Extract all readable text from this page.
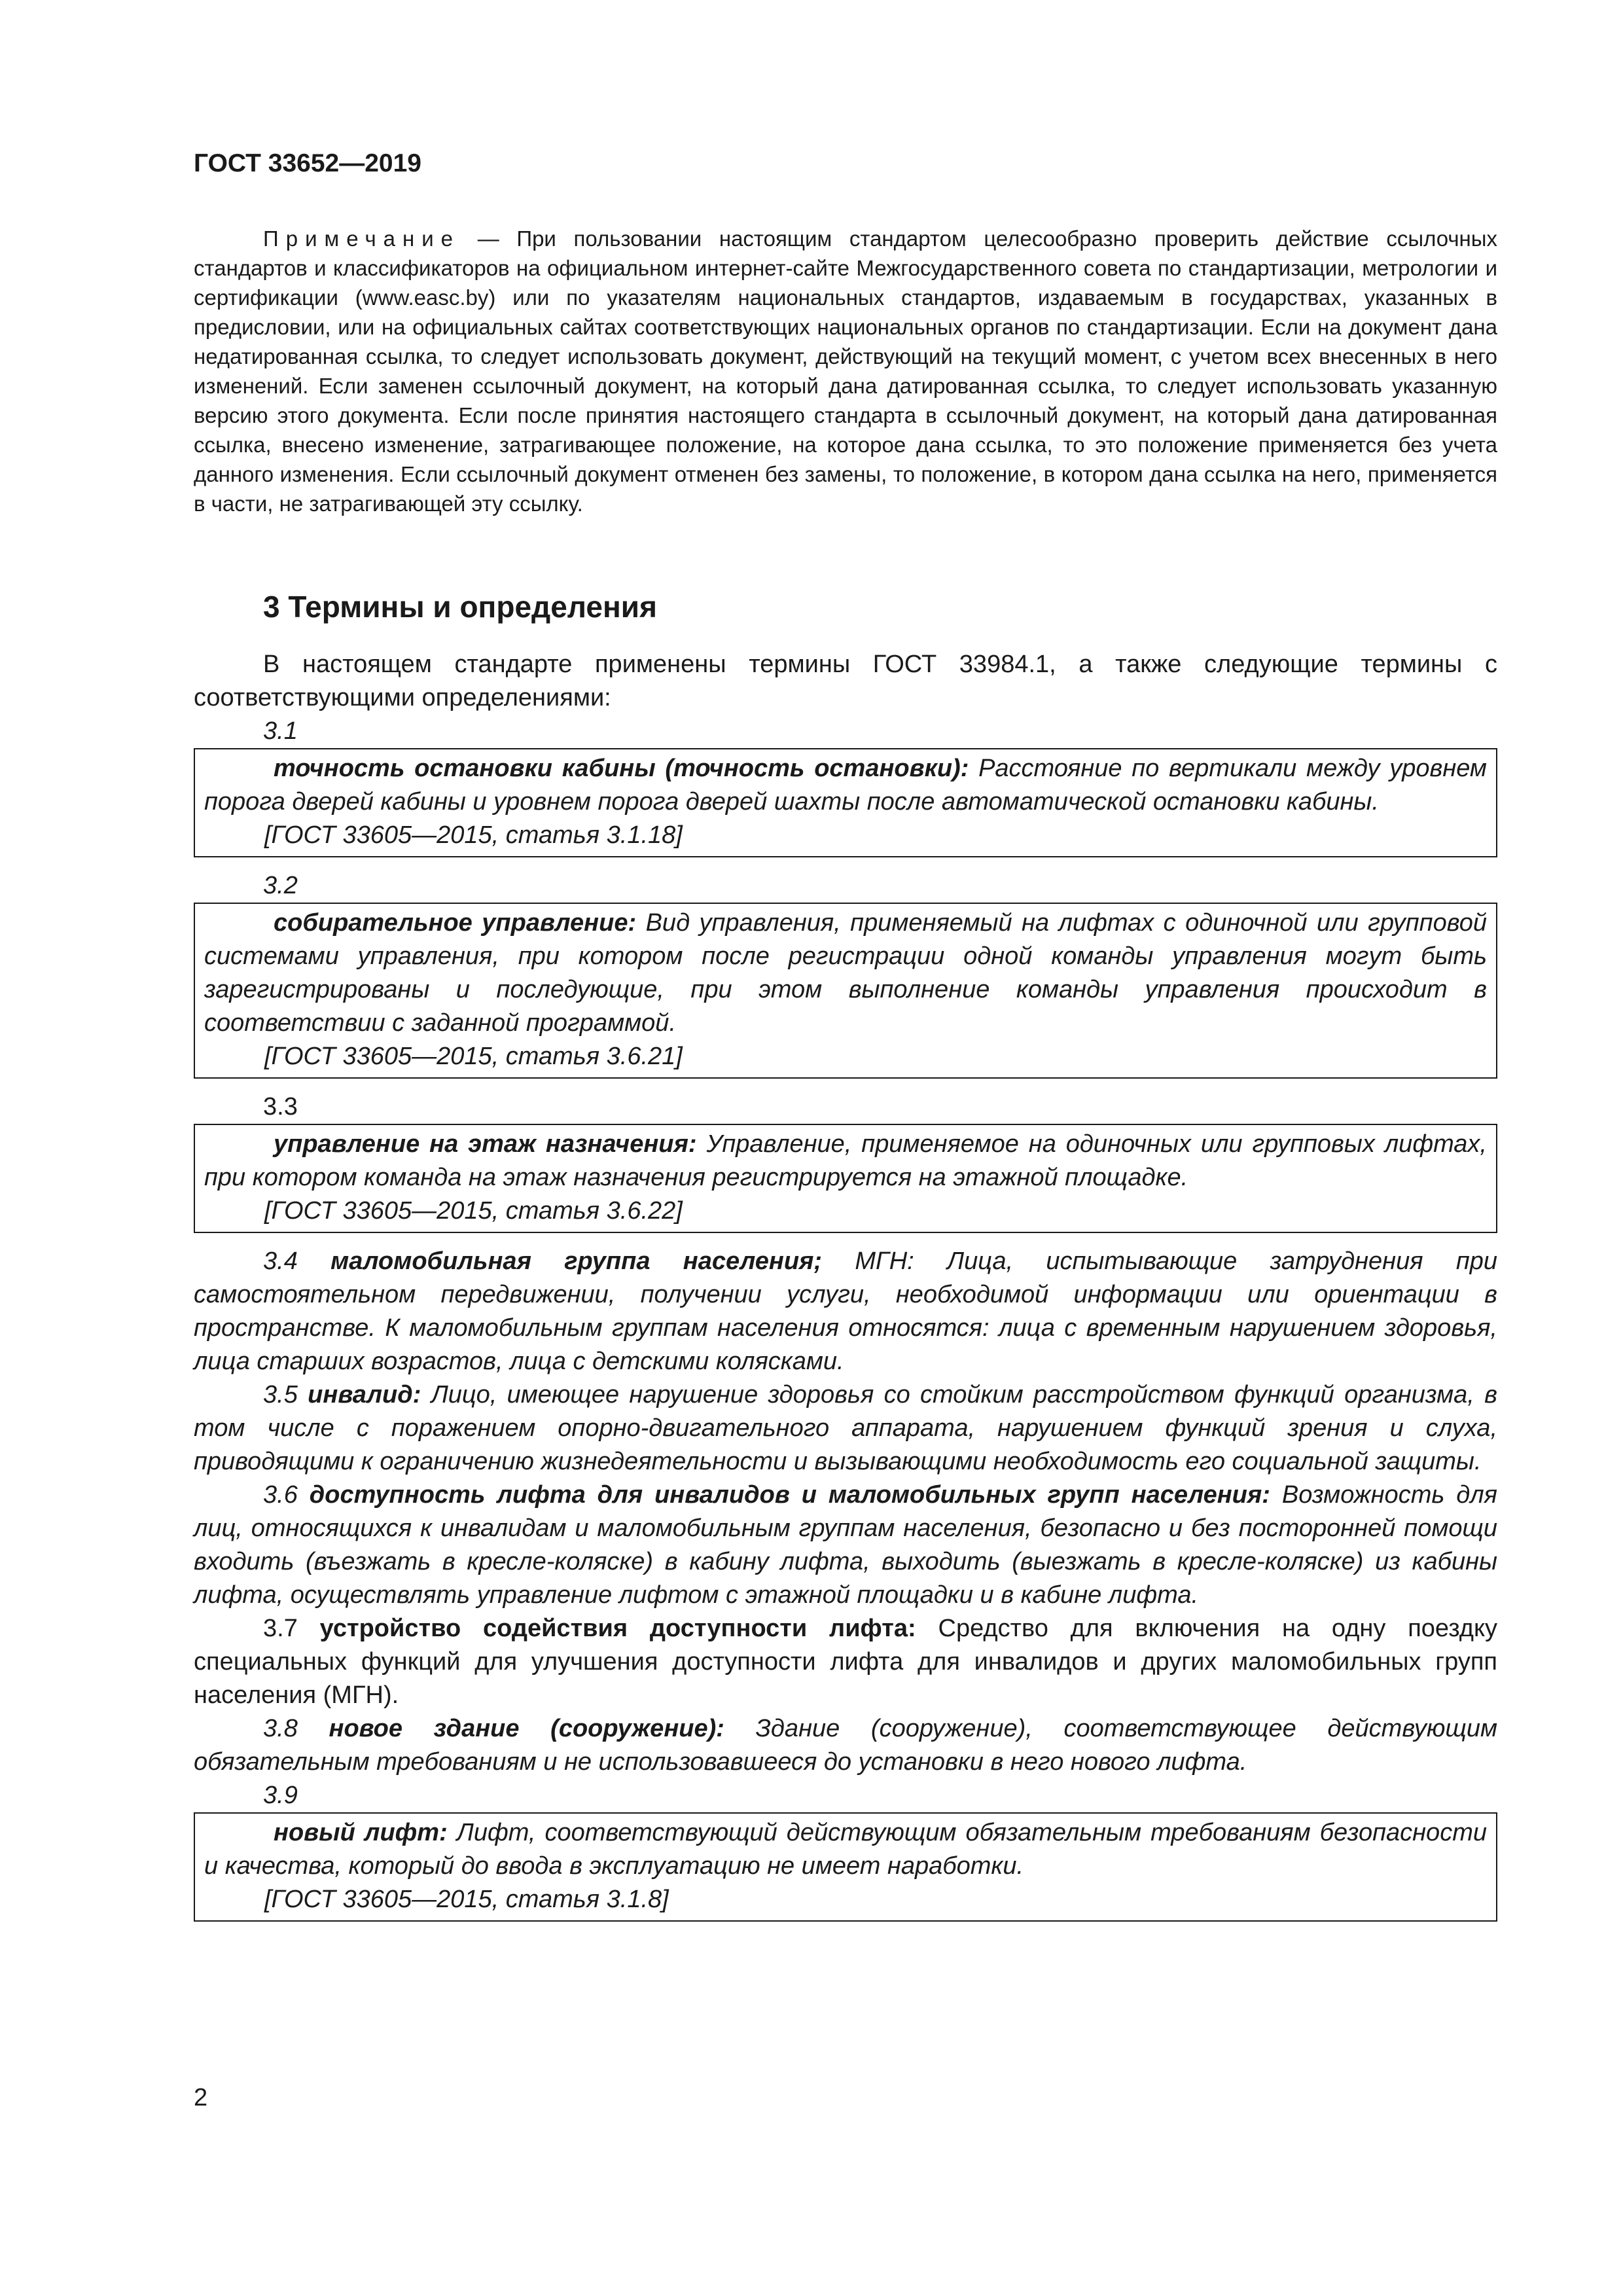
ГОСТ 33652—2019
Примечание — При пользовании настоящим стандартом целесообразно проверить действие ссылочных стандартов и классификаторов на официальном интернет-сайте Межгосударственного совета по стандартизации, метрологии и сертификации (www.easc.by) или по указателям национальных стандартов, издаваемым в государствах, указанных в предисловии, или на официальных сайтах соответствующих национальных органов по стандартизации. Если на документ дана недатированная ссылка, то следует использовать документ, действующий на текущий момент, с учетом всех внесенных в него изменений. Если заменен ссылочный документ, на который дана датированная ссылка, то следует использовать указанную версию этого документа. Если после принятия настоящего стандарта в ссылочный документ, на который дана датированная ссылка, внесено изменение, затрагивающее положение, на которое дана ссылка, то это положение применяется без учета данного изменения. Если ссылочный документ отменен без замены, то положение, в котором дана ссылка на него, применяется в части, не затрагивающей эту ссылку.
3 Термины и определения

В настоящем стандарте применены термины ГОСТ 33984.1, а также следующие термины с соответствующими определениями:

3.1

точность остановки кабины (точность остановки): Расстояние по вертикали между уровнем порога дверей кабины и уровнем порога дверей шахты после автоматической остановки кабины.

[ГОСТ 33605—2015, статья 3.1.18]
3.2

собирательное управление: Вид управления, применяемый на лифтах с одиночной или групповой системами управления, при котором после регистрации одной команды управления могут быть зарегистрированы и последующие, при этом выполнение команды управления происходит в соответствии с заданной программой.

[ГОСТ 33605—2015, статья 3.6.21]
3.3

управление на этаж назначения: Управление, применяемое на одиночных или групповых лифтах, при котором команда на этаж назначения регистрируется на этажной площадке.

[ГОСТ 33605—2015, статья 3.6.22]

3.4 маломобильная группа населения; МГН: Лица, испытывающие затруднения при самостоятельном передвижении, получении услуги, необходимой информации или ориентации в пространстве. К маломобильным группам населения относятся: лица с временным нарушением здоровья, лица старших возрастов, лица с детскими колясками.

3.5 инвалид: Лицо, имеющее нарушение здоровья со стойким расстройством функций организма, в том числе с поражением опорно-двигательного аппарата, нарушением функций зрения и слуха, приводящими к ограничению жизнедеятельности и вызывающими необходимость его социальной защиты.

3.6 доступность лифта для инвалидов и маломобильных групп населения: Возможность для лиц, относящихся к инвалидам и маломобильным группам населения, безопасно и без посторонней помощи входить (въезжать в кресле-коляске) в кабину лифта, выходить (выезжать в кресле-коляске) из кабины лифта, осуществлять управление лифтом с этажной площадки и в кабине лифта.

3.7 устройство содействия доступности лифта: Средство для включения на одну поездку специальных функций для улучшения доступности лифта для инвалидов и других маломобильных групп населения (МГН).

3.8 новое здание (сооружение): Здание (сооружение), соответствующее действующим обязательным требованиям и не использовавшееся до установки в него нового лифта.

3.9

новый лифт: Лифт, соответствующий действующим обязательным требованиям безопасности и качества, который до ввода в эксплуатацию не имеет наработки.

[ГОСТ 33605—2015, статья 3.1.8]
2
